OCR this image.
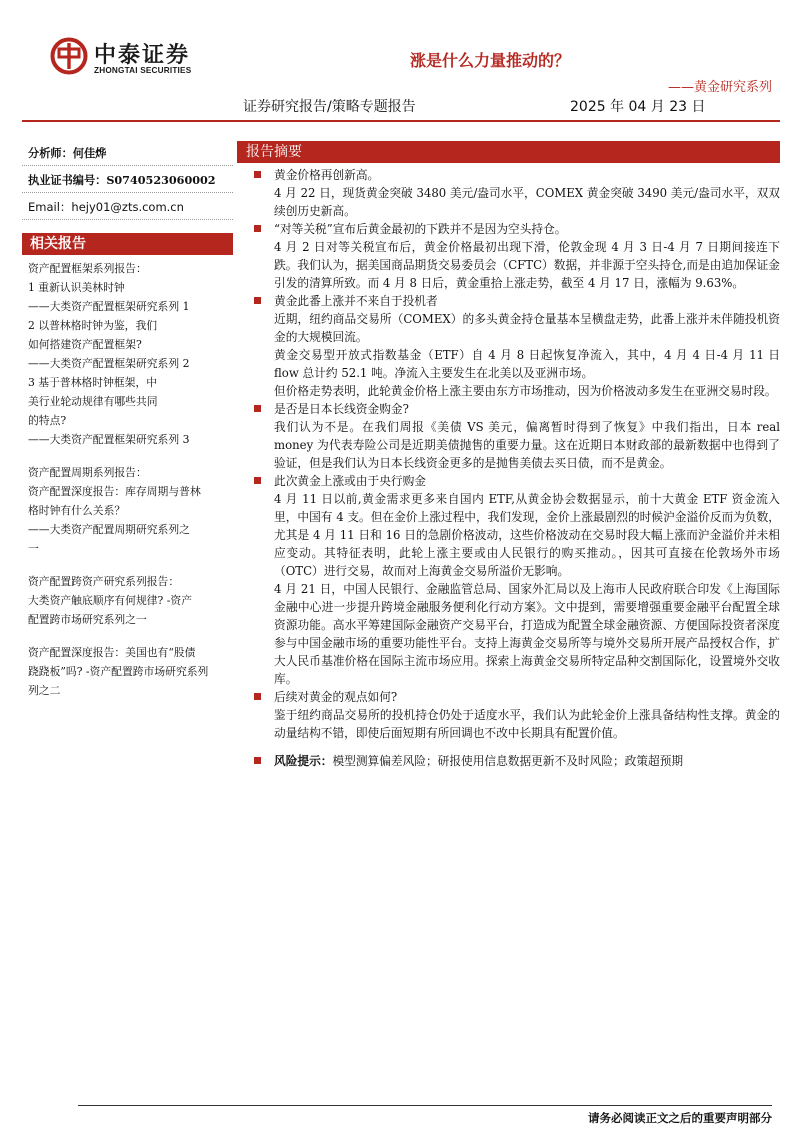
中泰证券
ZHONGTAI SECURITIES
涨是什么力量推动的？
——黄金研究系列
证券研究报告/策略专题报告	2025 年 04 月 23 日
分析师：何佳烨
执业证书编号：S0740523060002
Email：hejy01@zts.com.cn
相关报告
资产配置框架系列报告：
1 重新认识美林时钟
——大类资产配置框架研究系列 1
2 以普林格时钟为鉴，我们
如何搭建资产配置框架?
——大类资产配置框架研究系列 2
3 基于普林格时钟框架，中
美行业轮动规律有哪些共同
的特点?
——大类资产配置框架研究系列 3
资产配置周期系列报告：
资产配置深度报告：库存周期与普林
格时钟有什么关系？
——大类资产配置周期研究系列之
一
资产配置跨资产研究系列报告：
大类资产触底顺序有何规律? -资产
配置跨市场研究系列之一
资产配置深度报告：美国也有“股债
跷跷板”吗? -资产配置跨市场研究系列
列之二
报告摘要
黄金价格再创新高。
4 月 22 日，现货黄金突破 3480 美元/盎司水平，COMEX 黄金突破 3490 美元/盎司水平，双双续创历史新高。
“对等关税”宣布后黄金最初的下跌并不是因为空头持仓。
4 月 2 日对等关税宣布后，黄金价格最初出现下滑，伦敦金现 4 月 3 日-4 月 7 日期间接连下跌。我们认为，据美国商品期货交易委员会（CFTC）数据，并非源于空头持仓,而是由追加保证金引发的清算所致。而 4 月 8 日后，黄金重拾上涨走势，截至 4 月 17 日，涨幅为 9.63%。
黄金此番上涨并不来自于投机者
近期，纽约商品交易所（COMEX）的多头黄金持仓量基本呈横盘走势，此番上涨并未伴随投机资金的大规模回流。
黄金交易型开放式指数基金（ETF）自 4 月 8 日起恢复净流入，其中，4 月 4 日-4 月 11 日 flow 总计约 52.1 吨。净流入主要发生在北美以及亚洲市场。
但价格走势表明，此轮黄金价格上涨主要由东方市场推动，因为价格波动多发生在亚洲交易时段。
是否是日本长线资金购金?
我们认为不是。在我们周报《美债 VS 美元，偏离暂时得到了恢复》中我们指出，日本 real money 为代表寿险公司是近期美债抛售的重要力量。这在近期日本财政部的最新数据中也得到了验证，但是我们认为日本长线资金更多的是抛售美债去买日债，而不是黄金。
此次黄金上涨或由于央行购金
4 月 11 日以前,黄金需求更多来自国内 ETF,从黄金协会数据显示，前十大黄金 ETF 资金流入里，中国有 4 支。但在金价上涨过程中，我们发现，金价上涨最剧烈的时候沪金溢价反而为负数，尤其是 4 月 11 日和 16 日的急剧价格波动，这些价格波动在交易时段大幅上涨而沪金溢价并未相应变动。其特征表明，此轮上涨主要或由人民银行的购买推动。，因其可直接在伦敦场外市场（OTC）进行交易，故而对上海黄金交易所溢价无影响。
4 月 21 日，中国人民银行、金融监管总局、国家外汇局以及上海市人民政府联合印发《上海国际金融中心进一步提升跨境金融服务便利化行动方案》。文中提到，需要增强重要金融平台配置全球资源功能。高水平筹建国际金融资产交易平台，打造成为配置全球金融资源、方便国际投资者深度参与中国金融市场的重要功能性平台。支持上海黄金交易所等与境外交易所开展产品授权合作，扩大人民币基准价格在国际主流市场应用。探索上海黄金交易所特定品种交割国际化，设置境外交收库。
后续对黄金的观点如何?
鉴于纽约商品交易所的投机持仓仍处于适度水平，我们认为此轮金价上涨具备结构性支撑。黄金的动量结构不错，即使后面短期有所回调也不改中长期具有配置价值。
风险提示：模型测算偏差风险；研报使用信息数据更新不及时风险；政策超预期
请务必阅读正文之后的重要声明部分
